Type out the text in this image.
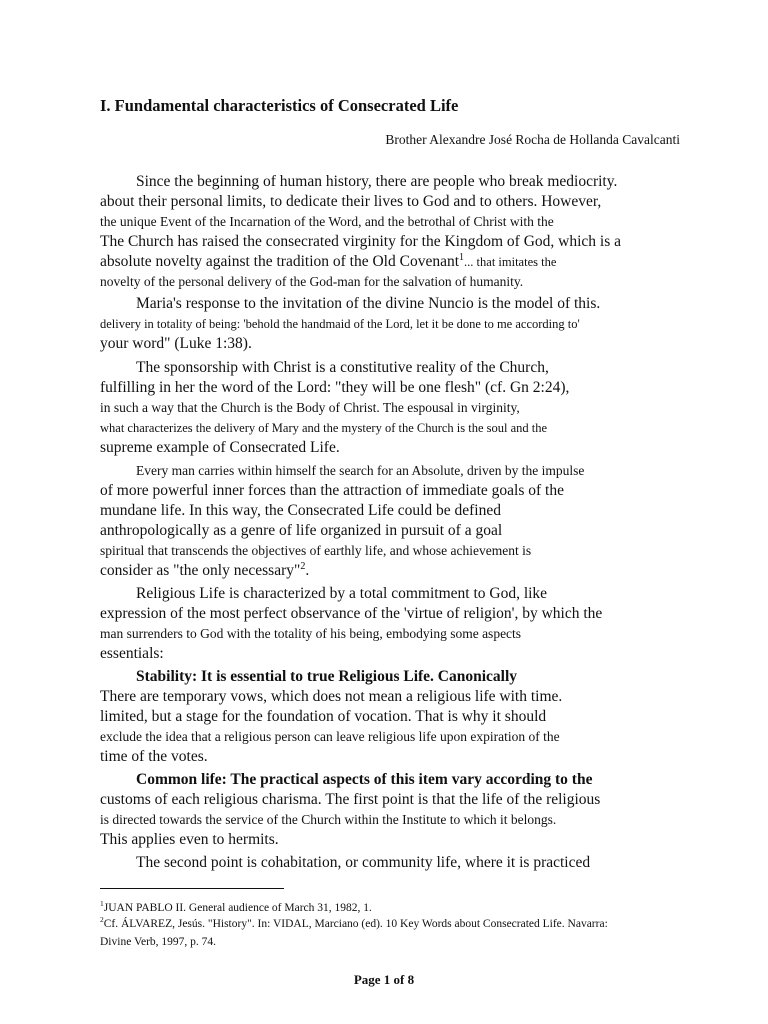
I. Fundamental characteristics of Consecrated Life
Brother Alexandre José Rocha de Hollanda Cavalcanti
Since the beginning of human history, there are people who break mediocrity.
about their personal limits, to dedicate their lives to God and to others. However,
the unique Event of the Incarnation of the Word, and the betrothal of Christ with the
The Church has raised the consecrated virginity for the Kingdom of God, which is a
absolute novelty against the tradition of the Old Covenant$^1$... that imitates the
novelty of the personal delivery of the God-man for the salvation of humanity.
Maria's response to the invitation of the divine Nuncio is the model of this.
delivery in totality of being: 'behold the handmaid of the Lord, let it be done to me according to'
your word" (Luke 1:38).
The sponsorship with Christ is a constitutive reality of the Church,
fulfilling in her the word of the Lord: "they will be one flesh" (cf. Gn 2:24),
in such a way that the Church is the Body of Christ. The espousal in virginity,
what characterizes the delivery of Mary and the mystery of the Church is the soul and the
supreme example of Consecrated Life.
Every man carries within himself the search for an Absolute, driven by the impulse
of more powerful inner forces than the attraction of immediate goals of the
mundane life. In this way, the Consecrated Life could be defined
anthropologically as a genre of life organized in pursuit of a goal
spiritual that transcends the objectives of earthly life, and whose achievement is
consider as "the only necessary"$^2$.
Religious Life is characterized by a total commitment to God, like
expression of the most perfect observance of the 'virtue of religion', by which the
man surrenders to God with the totality of his being, embodying some aspects
essentials:
Stability: It is essential to true Religious Life. Canonically
There are temporary vows, which does not mean a religious life with time.
limited, but a stage for the foundation of vocation. That is why it should
exclude the idea that a religious person can leave religious life upon expiration of the
time of the votes.
Common life: The practical aspects of this item vary according to the
customs of each religious charisma. The first point is that the life of the religious
is directed towards the service of the Church within the Institute to which it belongs.
This applies even to hermits.
The second point is cohabitation, or community life, where it is practiced
$^1$JUAN PABLO II. General audience of March 31, 1982, 1.
$^2$Cf. ÁLVAREZ, Jesús. "History". In: VIDAL, Marciano (ed). 10 Key Words about Consecrated Life. Navarra:
Divine Verb, 1997, p. 74.
Page 1 of 8
